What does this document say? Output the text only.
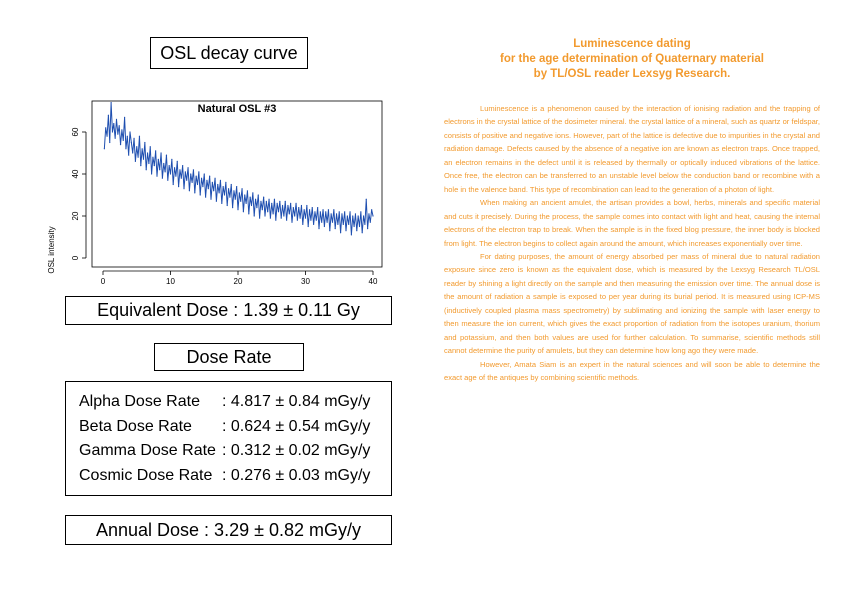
OSL decay curve
Natural OSL #3
OSL intensity
0	10	20	30	40
0
20
40
60
Equivalent Dose : 1.39 ± 0.11 Gy
Dose Rate
Alpha Dose Rate	: 4.817 ± 0.84 mGy/y
Beta Dose Rate	: 0.624 ± 0.54 mGy/y
Gamma Dose Rate : 0.312 ± 0.02 mGy/y
Cosmic Dose Rate : 0.276 ± 0.03 mGy/y
Annual Dose : 3.29 ± 0.82 mGy/y
Luminescence dating
for the age determination of Quaternary material
by TL/OSL reader Lexsyg Research.

Luminescence is a phenomenon caused by the interaction of ionising radiation and the trapping of electrons in the crystal lattice of the dosimeter mineral. the crystal lattice of a mineral, such as quartz or feldspar, consists of positive and negative ions. However, part of the lattice is defective due to impurities in the crystal and radiation damage. Defects caused by the absence of a negative ion are known as electron traps. Once trapped, an electron remains in the defect until it is released by thermally or optically induced vibrations of the lattice. Once free, the electron can be transferred to an unstable level below the conduction band or recombine with a hole in the valence band. This type of recombination can lead to the generation of a photon of light.

When making an ancient amulet, the artisan provides a bowl, herbs, minerals and specific material and cuts it precisely. During the process, the sample comes into contact with light and heat, causing the internal electrons of the electron trap to break. When the sample is in the fixed blog pressure, the inner body is blocked from light. The electron begins to collect again around the amount, which increases exponentially over time.

For dating purposes, the amount of energy absorbed per mass of mineral due to natural radiation exposure since zero is known as the equivalent dose, which is measured by the Lexsyg Research TL/OSL reader by shining a light directly on the sample and then measuring the emission over time. The annual dose is the amount of radiation a sample is exposed to per year during its burial period. It is measured using ICP-MS (inductively coupled plasma mass spectrometry) by sublimating and ionizing the sample with laser energy to then measure the ion current, which gives the exact proportion of radiation from the isotopes uranium, thorium and potassium, and then both values are used for further calculation. To summarise, scientific methods still cannot determine the purity of amulets, but they can determine how long ago they were made.

However, Amata Siam is an expert in the natural sciences and will soon be able to determine the exact age of the antiques by combining scientific methods.
